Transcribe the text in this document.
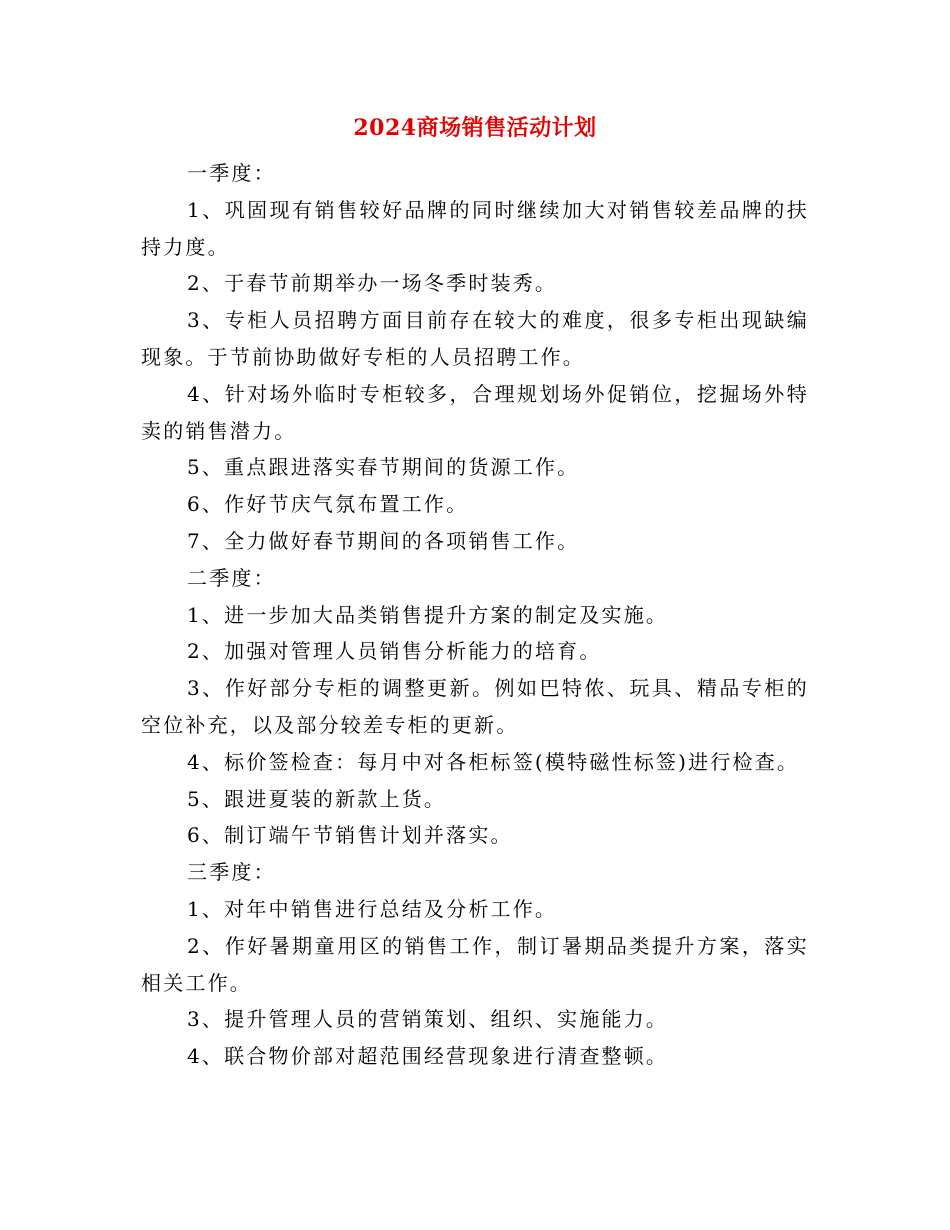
2024商场销售活动计划

一季度：

1、巩固现有销售较好品牌的同时继续加大对销售较差品牌的扶持力度。

2、于春节前期举办一场冬季时装秀。

3、专柜人员招聘方面目前存在较大的难度，很多专柜出现缺编现象。于节前协助做好专柜的人员招聘工作。

4、针对场外临时专柜较多，合理规划场外促销位，挖掘场外特卖的销售潜力。

5、重点跟进落实春节期间的货源工作。

6、作好节庆气氛布置工作。

7、全力做好春节期间的各项销售工作。

二季度：

1、进一步加大品类销售提升方案的制定及实施。

2、加强对管理人员销售分析能力的培育。

3、作好部分专柜的调整更新。例如巴特侬、玩具、精品专柜的空位补充，以及部分较差专柜的更新。

4、标价签检查：每月中对各柜标签(模特磁性标签)进行检查。

5、跟进夏装的新款上货。

6、制订端午节销售计划并落实。

三季度：

1、对年中销售进行总结及分析工作。

2、作好暑期童用区的销售工作，制订暑期品类提升方案，落实相关工作。

3、提升管理人员的营销策划、组织、实施能力。

4、联合物价部对超范围经营现象进行清查整顿。
